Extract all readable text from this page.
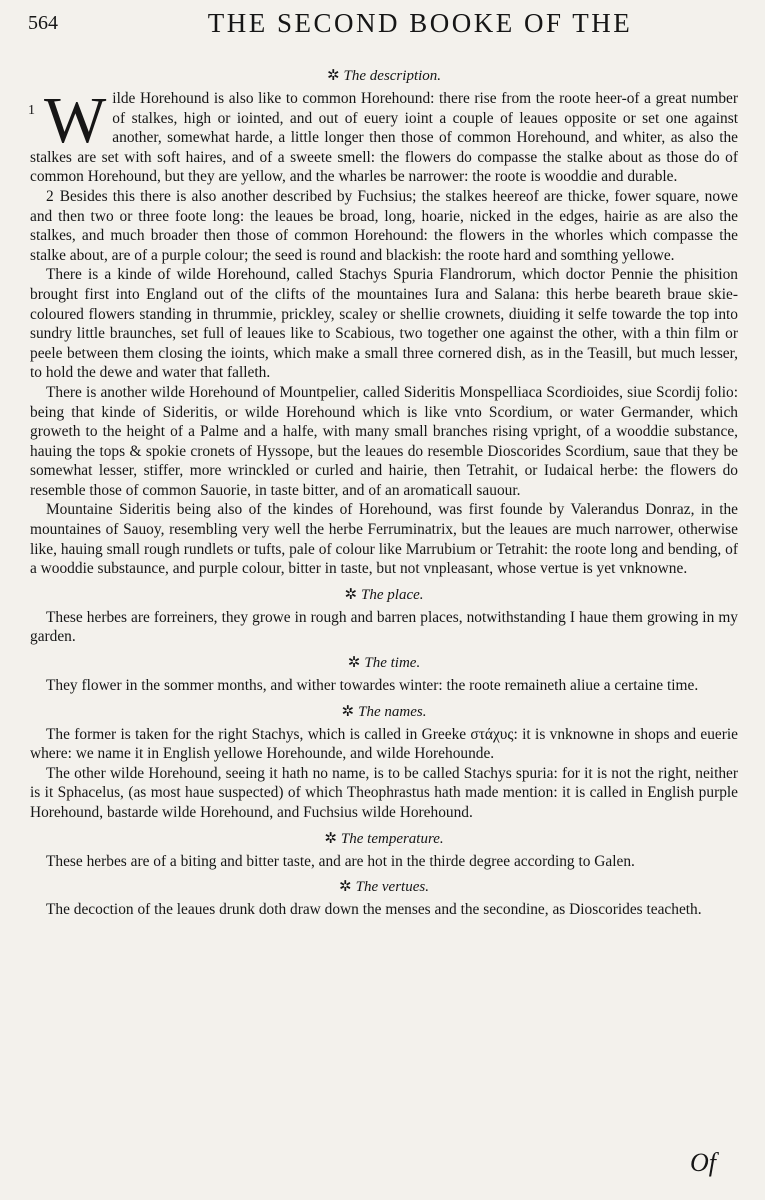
564	THE SECOND BOOKE OF THE
✲ The description.

1 W ilde Horehound is also like to common Horehound: there rise from the roote heer-of a great number of stalkes, high or iointed, and out of euery ioint a couple of leaues opposite or set one against another, somewhat harde, a little longer then those of common Horehound, and whiter, as also the stalkes are set with soft haires, and of a sweete smell: the flowers do compasse the stalke about as those do of common Horehound, but they are yellow, and the wharles be narrower: the roote is wooddie and durable.

2 Besides this there is also another described by Fuchsius; the stalkes heereof are thicke, fower square, nowe and then two or three foote long: the leaues be broad, long, hoarie, nicked in the edges, hairie as are also the stalkes, and much broader then those of common Horehound: the flowers in the whorles which compasse the stalke about, are of a purple colour; the seed is round and blackish: the roote hard and somthing yellowe.

There is a kinde of wilde Horehound, called Stachys Spuria Flandrorum, which doctor Pennie the phisition brought first into England out of the clifts of the mountaines Iura and Salana: this herbe beareth braue skie-coloured flowers standing in thrummie, prickley, scaley or shellie crownets, diuiding it selfe towarde the top into sundry little braunches, set full of leaues like to Scabious, two together one against the other, with a thin film or peele between them closing the ioints, which make a small three cornered dish, as in the Teasill, but much lesser, to hold the dewe and water that falleth.

There is another wilde Horehound of Mountpelier, called Sideritis Monspelliaca Scordioides, siue Scordij folio: being that kinde of Sideritis, or wilde Horehound which is like vnto Scordium, or water Germander, which groweth to the height of a Palme and a halfe, with many small branches rising vpright, of a wooddie substance, hauing the tops & spokie cronets of Hyssope, but the leaues do resemble Dioscorides Scordium, saue that they be somewhat lesser, stiffer, more wrinckled or curled and hairie, then Tetrahit, or Iudaical herbe: the flowers do resemble those of common Sauorie, in taste bitter, and of an aromaticall sauour.

Mountaine Sideritis being also of the kindes of Horehound, was first founde by Valerandus Donraz, in the mountaines of Sauoy, resembling very well the herbe Ferruminatrix, but the leaues are much narrower, otherwise like, hauing small rough rundlets or tufts, pale of colour like Marrubium or Tetrahit: the roote long and bending, of a wooddie substaunce, and purple colour, bitter in taste, but not vnpleasant, whose vertue is yet vnknowne.

✲ The place.

These herbes are forreiners, they growe in rough and barren places, notwithstanding I haue them growing in my garden.

✲ The time.

They flower in the sommer months, and wither towardes winter: the roote remaineth aliue a certaine time.

✲ The names.

The former is taken for the right Stachys, which is called in Greeke στάχυς: it is vnknowne in shops and euerie where: we name it in English yellowe Horehounde, and wilde Horehounde.

The other wilde Horehound, seeing it hath no name, is to be called Stachys spuria: for it is not the right, neither is it Sphacelus, (as most haue suspected) of which Theophrastus hath made mention: it is called in English purple Horehound, bastarde wilde Horehound, and Fuchsius wilde Horehound.

✲ The temperature.

These herbes are of a biting and bitter taste, and are hot in the thirde degree according to Galen.

✲ The vertues.

The decoction of the leaues drunk doth draw down the menses and the secondine, as Dioscorides teacheth.

Of
